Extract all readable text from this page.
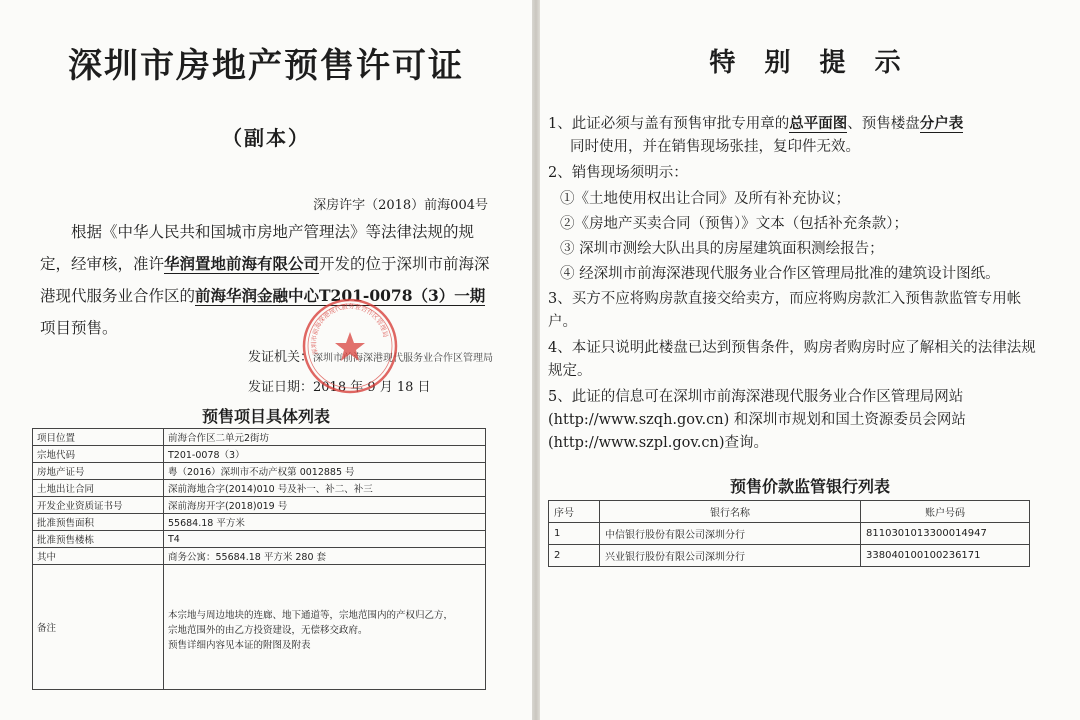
深圳市房地产预售许可证
（副本）
深房许字（2018）前海004号
根据《中华人民共和国城市房地产管理法》等法律法规的规定，经审核，准许华润置地前海有限公司开发的位于深圳市前海深港现代服务业合作区的前海华润金融中心T201-0078（3）一期项目预售。
发证机关：深圳市前海深港现代服务业合作区管理局
发证日期：2018 年 9 月 18 日
深圳市前海深港现代服务业合作区管理局
预售项目具体列表
项目位置	前海合作区二单元2街坊
宗地代码	T201-0078（3）
房地产证号	粤（2016）深圳市不动产权第 0012885 号
土地出让合同	深前海地合字(2014)010 号及补一、补二、补三
开发企业资质证书号	深前海房开字(2018)019 号
批准预售面积	55684.18 平方米
批准预售楼栋	T4
其中	商务公寓：55684.18 平方米 280 套
备注	本宗地与周边地块的连廊、地下通道等，宗地范围内的产权归乙方，
宗地范围外的由乙方投资建设，无偿移交政府。
预售详细内容见本证的附图及附表
特 别 提 示
1、此证必须与盖有预售审批专用章的总平面图、预售楼盘分户表
同时使用，并在销售现场张挂，复印件无效。
2、销售现场须明示：
①《土地使用权出让合同》及所有补充协议；
②《房地产买卖合同（预售）》文本（包括补充条款）；
③ 深圳市测绘大队出具的房屋建筑面积测绘报告；
④ 经深圳市前海深港现代服务业合作区管理局批准的建筑设计图纸。
3、买方不应将购房款直接交给卖方，而应将购房款汇入预售款监管专用帐户。
4、本证只说明此楼盘已达到预售条件，购房者购房时应了解相关的法律法规规定。
5、此证的信息可在深圳市前海深港现代服务业合作区管理局网站(http://www.szqh.gov.cn) 和深圳市规划和国土资源委员会网站(http://www.szpl.gov.cn)查询。
预售价款监管银行列表
序号	银行名称	账户号码
1	中信银行股份有限公司深圳分行	8110301013300014947
2	兴业银行股份有限公司深圳分行	338040100100236171
